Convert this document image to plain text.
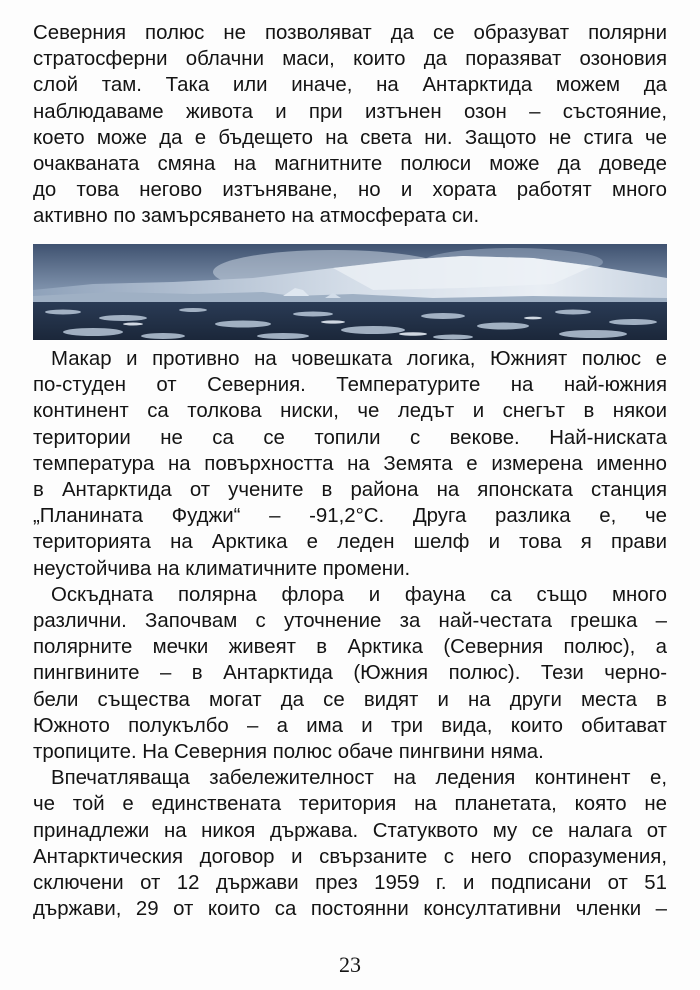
Северния полюс не позволяват да се образуват полярни

стратосферни облачни маси, които да поразяват озоновия

слой там. Така или иначе, на Антарктида можем да

наблюдаваме живота и при изтънен озон – състояние,

което може да е бъдещето на света ни. Защото не стига че

очакваната смяна на магнитните полюси може да доведе

до това негово изтъняване, но и хората работят много

активно по замърсяването на атмосферата си.

Макар и противно на човешката логика, Южният полюс е

по-студен от Северния. Температурите на най-южния

континент са толкова ниски, че ледът и снегът в някои

територии не са се топили с векове. Най-ниската

температура на повърхността на Земята е измерена именно

в Антарктида от учените в района на японската станция

„Планината Фуджи“ – -91,2°С. Друга разлика е, че

територията на Арктика е леден шелф и това я прави

неустойчива на климатичните промени.

Оскъдната полярна флора и фауна са също много

различни. Започвам с уточнение за най-честата грешка –

полярните мечки живеят в Арктика (Северния полюс), а

пингвините – в Антарктида (Южния полюс). Тези черно-

бели същества могат да се видят и на други места в

Южното полукълбо – а има и три вида, които обитават

тропиците. На Северния полюс обаче пингвини няма.

Впечатляваща забележителност на ледения континент е,

че той е единствената територия на планетата, която не

принадлежи на никоя държава. Статуквото му се налага от

Антарктическия договор и свързаните с него споразумения,

сключени от 12 държави през 1959 г. и подписани от 51

държави, 29 от които са постоянни консултативни членки –

23
